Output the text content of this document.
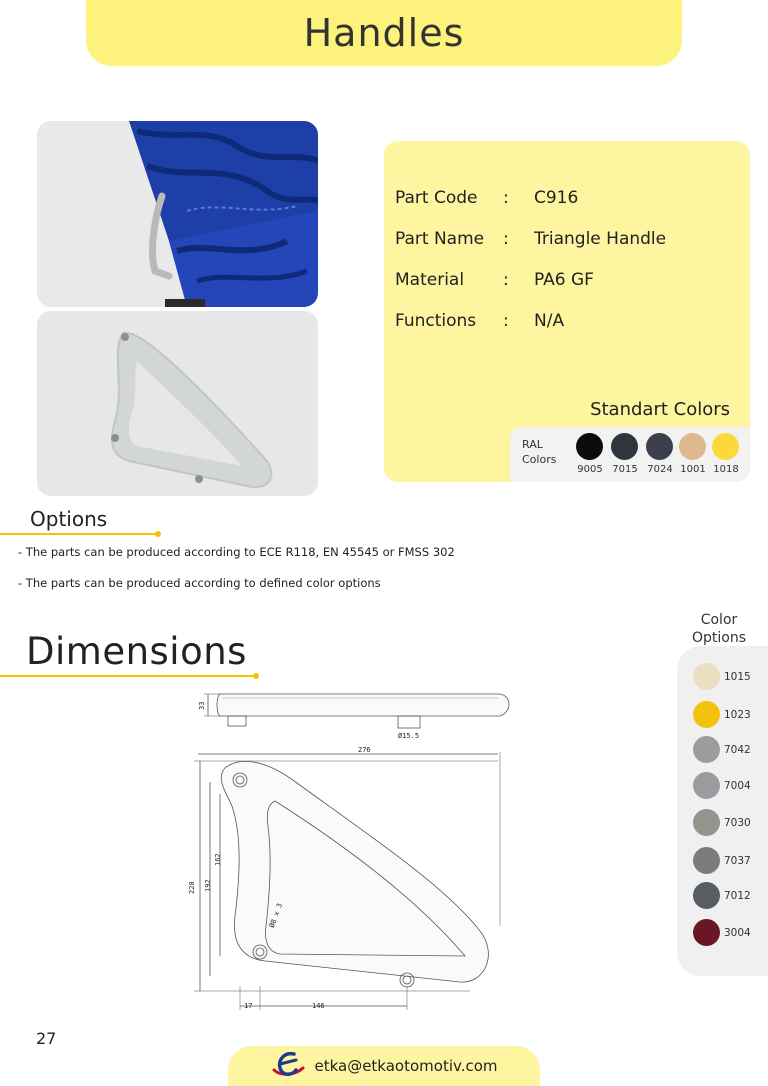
Handles
Part Code : C916
Part Name : Triangle Handle
Material : PA6 GF
Functions : N/A
Standart Colors
RAL
Colors
9005 7015 7024 1001 1018
Options
- The parts can be produced according to ECE R118, EN 45545 or FMSS 302
- The parts can be produced according to defined color options
Dimensions
33
Ø15.5
276
220 192
162
17	146
Ø8 x 3
Color
Options
1015
1023
7042
7004
7030
7037
7012
3004
27
etka@etkaotomotiv.com
